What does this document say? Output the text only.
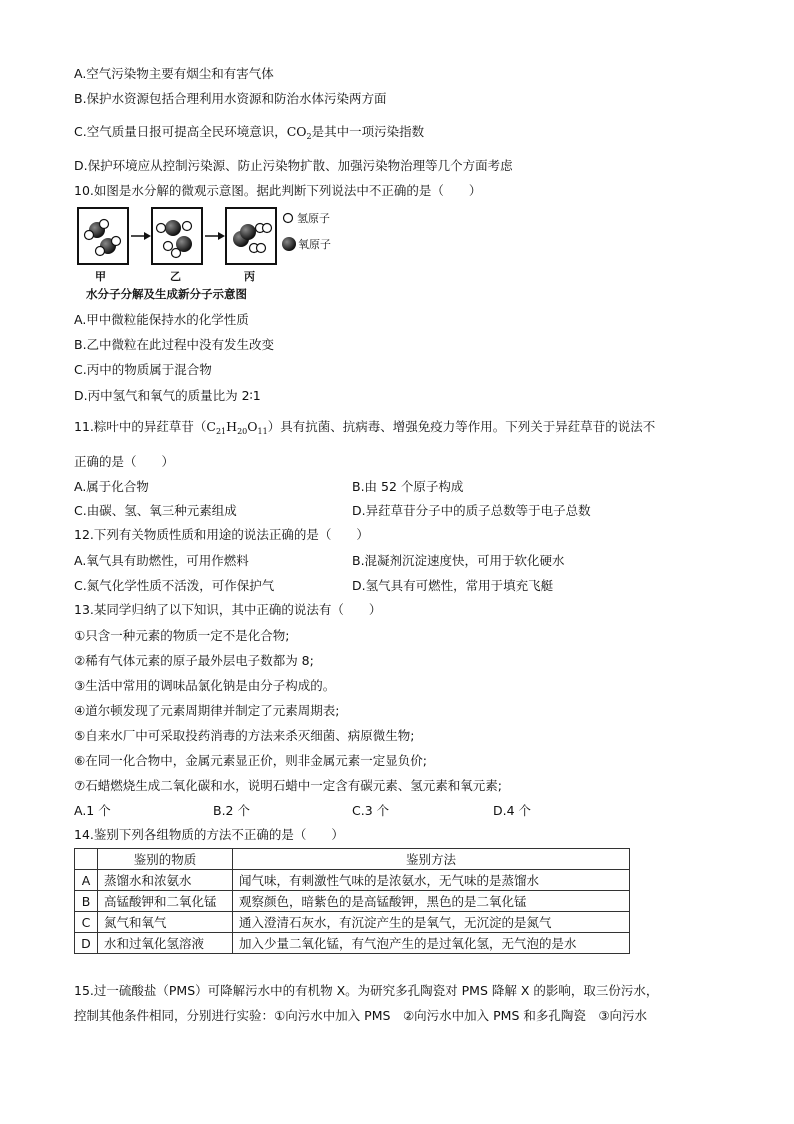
A.空气污染物主要有烟尘和有害气体
B.保护水资源包括合理利用水资源和防治水体污染两方面
C.空气质量日报可提高全民环境意识，$CO_2$是其中一项污染指数
D.保护环境应从控制污染源、防止污染物扩散、加强污染物治理等几个方面考虑
10.如图是水分解的微观示意图。据此判断下列说法中不正确的是（　　）
氢原子
氧原子
甲	乙	丙
水分子分解及生成新分子示意图
A.甲中微粒能保持水的化学性质
B.乙中微粒在此过程中没有发生改变
C.丙中的物质属于混合物
D.丙中氢气和氧气的质量比为 2∶1
11.粽叶中的异荭草苷$(C_{21}H_{20}O_{11})$具有抗菌、抗病毒、增强免疫力等作用。下列关于异荭草苷的说法不
正确的是（　　）
A.属于化合物	B.由 52 个原子构成
C.由碳、氢、氧三种元素组成	D.异荭草苷分子中的质子总数等于电子总数
12.下列有关物质性质和用途的说法正确的是（　　）
A.氧气具有助燃性，可用作燃料	B.混凝剂沉淀速度快，可用于软化硬水
C.氮气化学性质不活泼，可作保护气	D.氢气具有可燃性，常用于填充飞艇
13.某同学归纳了以下知识，其中正确的说法有（　　）
①只含一种元素的物质一定不是化合物;
②稀有气体元素的原子最外层电子数都为 8;
③生活中常用的调味品氯化钠是由分子构成的。
④道尔顿发现了元素周期律并制定了元素周期表;
⑤自来水厂中可采取投药消毒的方法来杀灭细菌、病原微生物;
⑥在同一化合物中，金属元素显正价，则非金属元素一定显负价;
⑦石蜡燃烧生成二氧化碳和水，说明石蜡中一定含有碳元素、氢元素和氧元素;
A.1 个	B.2 个	C.3 个	D.4 个
14.鉴别下列各组物质的方法不正确的是（　　）
	鉴别的物质	鉴别方法
A	蒸馏水和浓氨水	闻气味，有刺激性气味的是浓氨水，无气味的是蒸馏水
B	高锰酸钾和二氧化锰	观察颜色，暗紫色的是高锰酸钾，黑色的是二氧化锰
C	氮气和氧气	通入澄清石灰水，有沉淀产生的是氧气，无沉淀的是氮气
D	水和过氧化氢溶液	加入少量二氧化锰，有气泡产生的是过氧化氢，无气泡的是水
15.过一硫酸盐（PMS）可降解污水中的有机物 X。为研究多孔陶瓷对 PMS 降解 X 的影响，取三份污水，
控制其他条件相同，分别进行实验：①向污水中加入 PMS　②向污水中加入 PMS 和多孔陶瓷　③向污水
